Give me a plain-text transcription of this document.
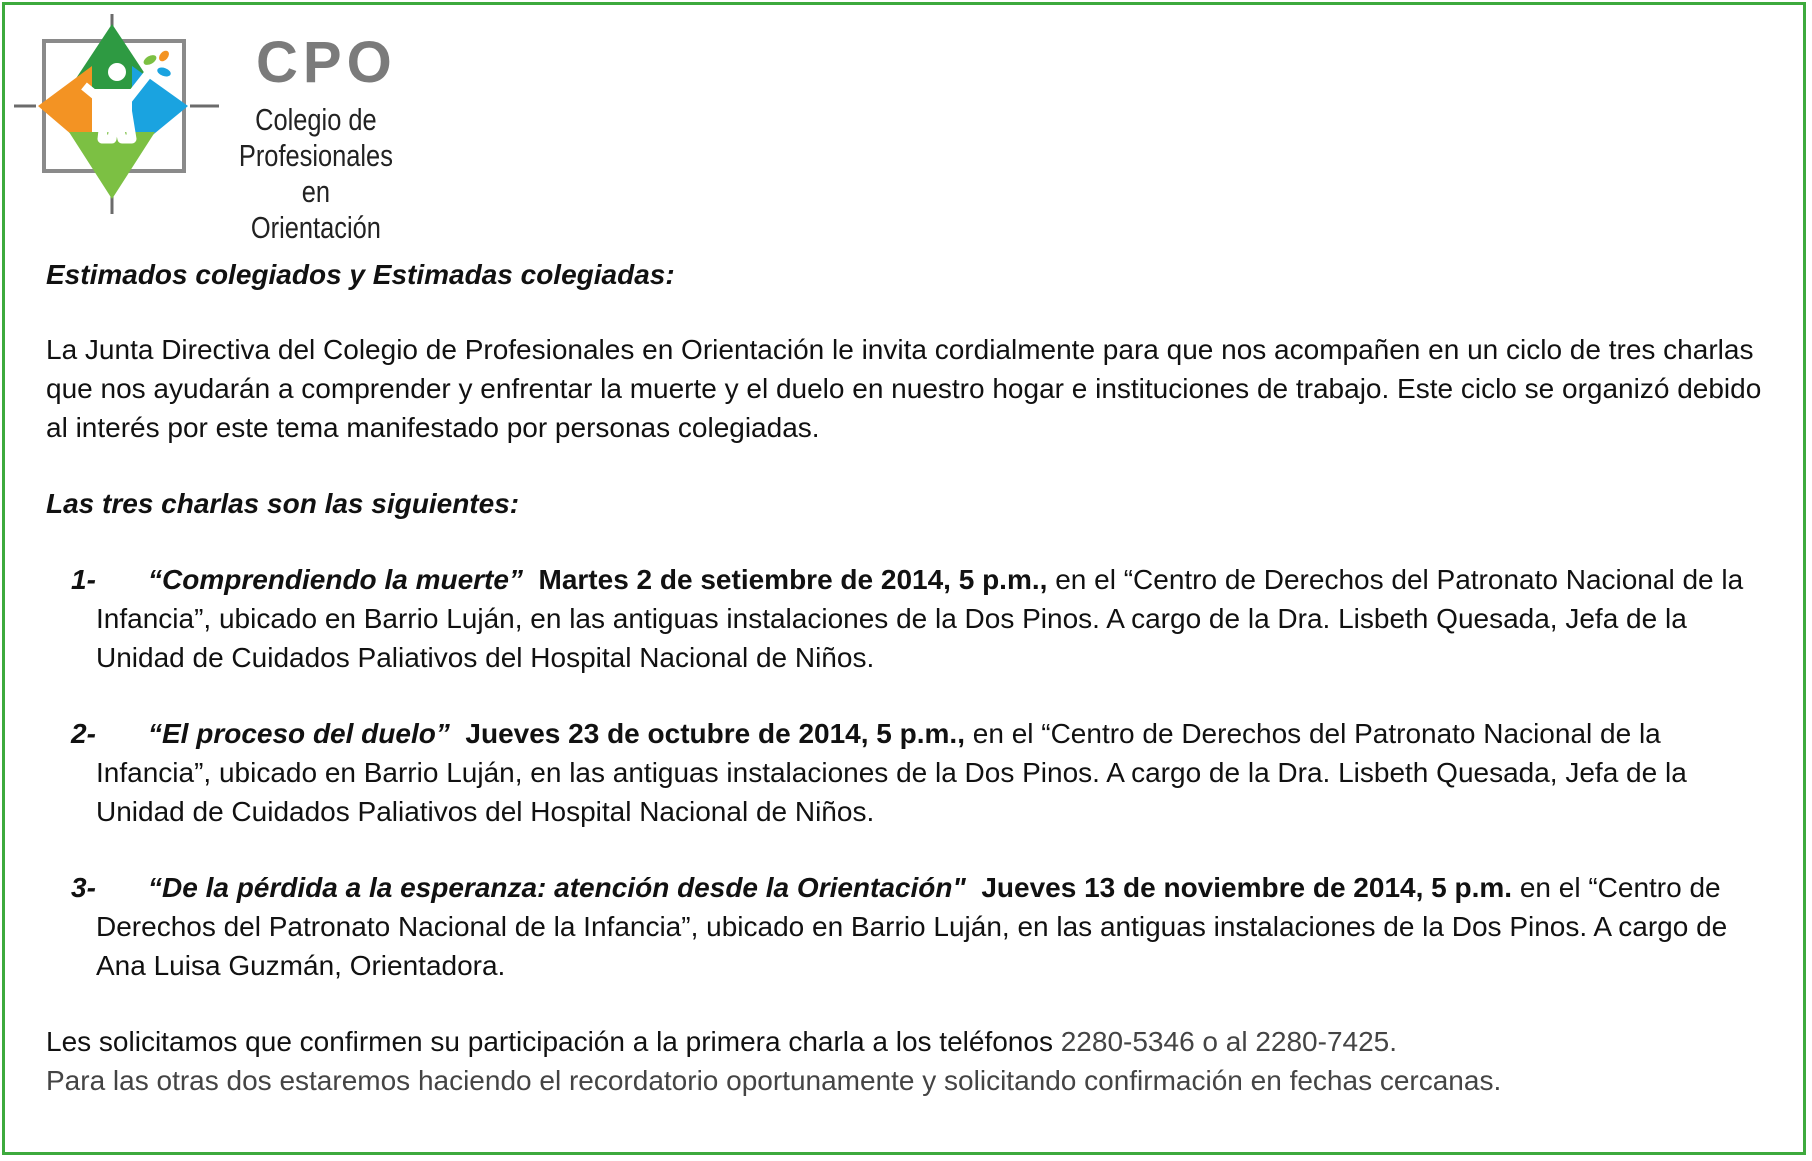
CPO
Colegio de
Profesionales
en Orientación

Estimados colegiados y Estimadas colegiadas:

La Junta Directiva del Colegio de Profesionales en Orientación le invita cordialmente para que nos acompañen en un ciclo de tres charlas que nos ayudarán a comprender y enfrentar la muerte y el duelo en nuestro hogar e instituciones de trabajo. Este ciclo se organizó debido al interés por este tema manifestado por personas colegiadas.

Las tres charlas son las siguientes:

1- “Comprendiendo la muerte” Martes 2 de setiembre de 2014, 5 p.m., en el “Centro de Derechos del Patronato Nacional de la Infancia”, ubicado en Barrio Luján, en las antiguas instalaciones de la Dos Pinos. A cargo de la Dra. Lisbeth Quesada, Jefa de la Unidad de Cuidados Paliativos del Hospital Nacional de Niños.
2- “El proceso del duelo” Jueves 23 de octubre de 2014, 5 p.m., en el “Centro de Derechos del Patronato Nacional de la Infancia”, ubicado en Barrio Luján, en las antiguas instalaciones de la Dos Pinos. A cargo de la Dra. Lisbeth Quesada, Jefa de la Unidad de Cuidados Paliativos del Hospital Nacional de Niños.
3- “De la pérdida a la esperanza: atención desde la Orientación" Jueves 13 de noviembre de 2014, 5 p.m. en el “Centro de Derechos del Patronato Nacional de la Infancia”, ubicado en Barrio Luján, en las antiguas instalaciones de la Dos Pinos. A cargo de Ana Luisa Guzmán, Orientadora.
Les solicitamos que confirmen su participación a la primera charla a los teléfonos 2280-5346 o al 2280-7425.
Para las otras dos estaremos haciendo el recordatorio oportunamente y solicitando confirmación en fechas cercanas.
